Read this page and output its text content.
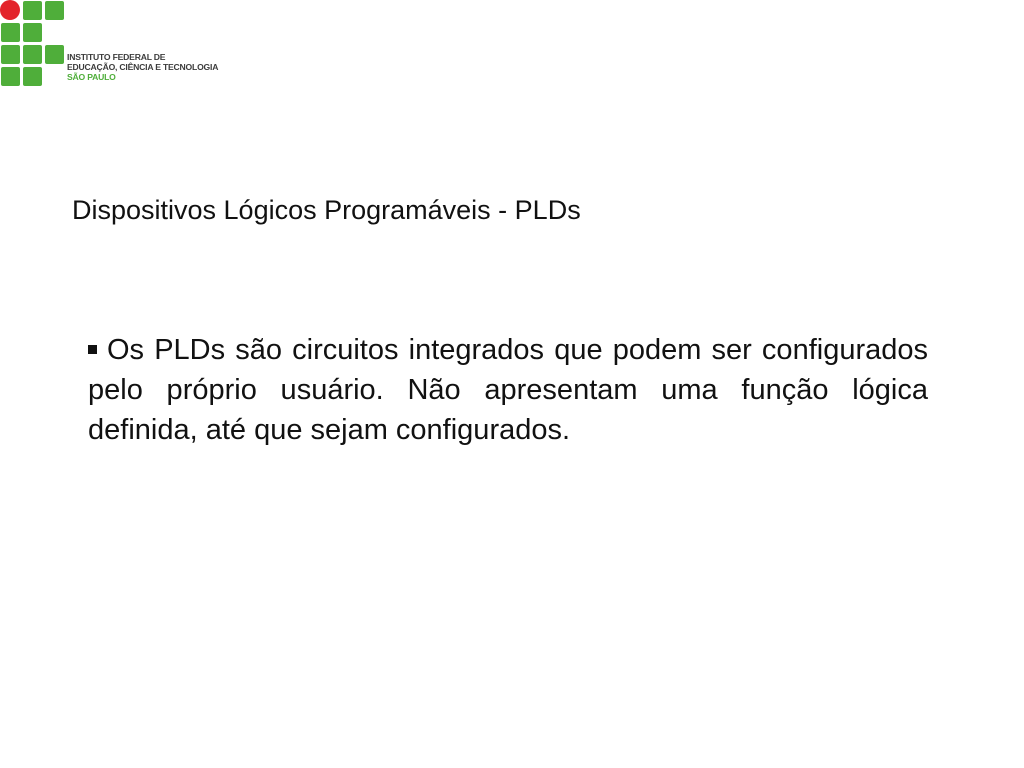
INSTITUTO FEDERAL DE
EDUCAÇÃO, CIÊNCIA E TECNOLOGIA
SÃO PAULO
Dispositivos Lógicos Programáveis - PLDs
Os PLDs são circuitos integrados que podem ser configurados pelo próprio usuário. Não apresentam uma função lógica definida, até que sejam configurados.
